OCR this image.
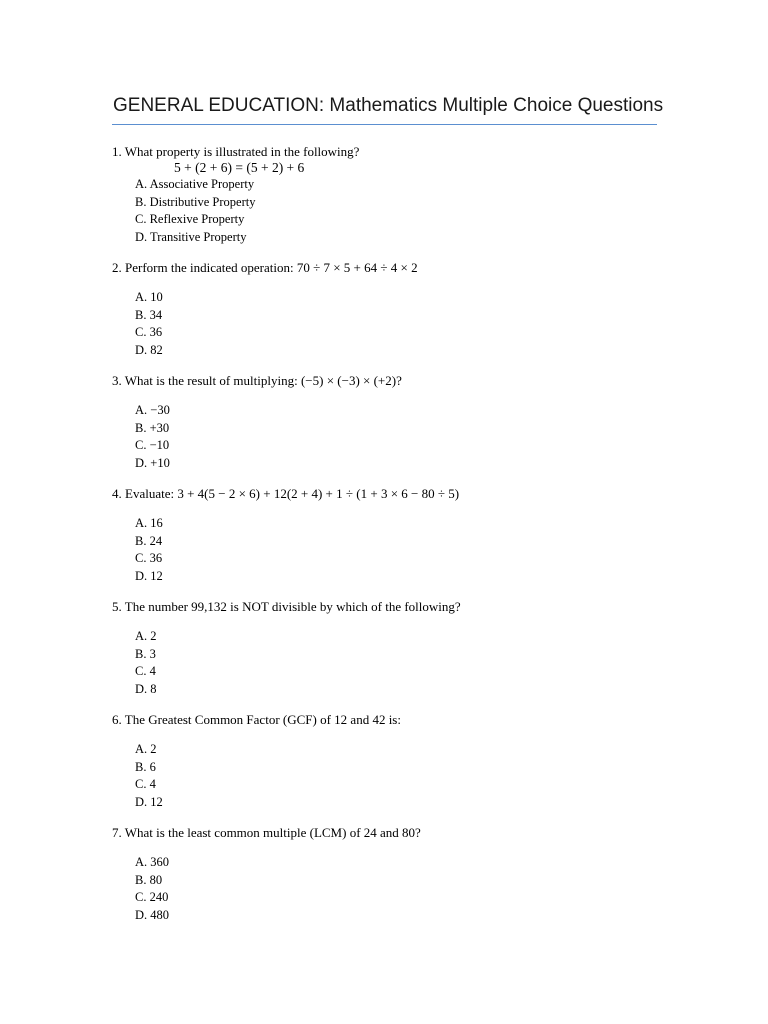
GENERAL EDUCATION: Mathematics Multiple Choice Questions
1. What property is illustrated in the following?
5 + (2 + 6) = (5 + 2) + 6
A. Associative Property
B. Distributive Property
C. Reflexive Property
D. Transitive Property
2. Perform the indicated operation: 70 ÷ 7 × 5 + 64 ÷ 4 × 2
A. 10
B. 34
C. 36
D. 82
3. What is the result of multiplying: (−5) × (−3) × (+2)?
A. −30
B. +30
C. −10
D. +10
4. Evaluate: 3 + 4(5 − 2 × 6) + 12(2 + 4) + 1 ÷ (1 + 3 × 6 − 80 ÷ 5)
A. 16
B. 24
C. 36
D. 12
5. The number 99,132 is NOT divisible by which of the following?
A. 2
B. 3
C. 4
D. 8
6. The Greatest Common Factor (GCF) of 12 and 42 is:
A. 2
B. 6
C. 4
D. 12
7. What is the least common multiple (LCM) of 24 and 80?
A. 360
B. 80
C. 240
D. 480
